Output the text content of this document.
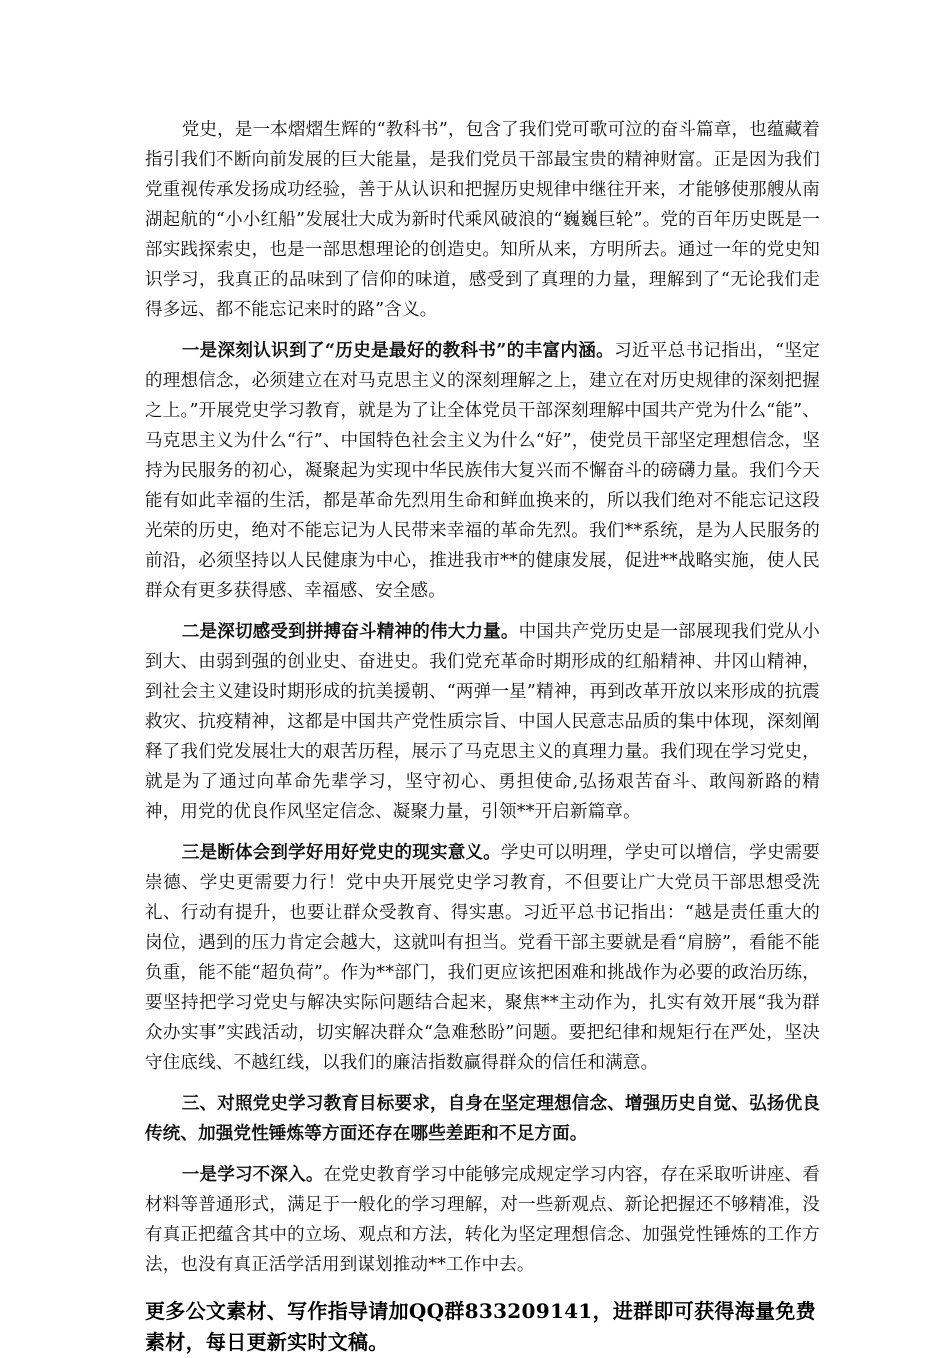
党史，是一本熠熠生辉的“教科书”，包含了我们党可歌可泣的奋斗篇章，也蕴藏着指引我们不断向前发展的巨大能量，是我们党员干部最宝贵的精神财富。正是因为我们党重视传承发扬成功经验，善于从认识和把握历史规律中继往开来，才能够使那艘从南湖起航的“小小红船”发展壮大成为新时代乘风破浪的“巍巍巨轮”。党的百年历史既是一部实践探索史，也是一部思想理论的创造史。知所从来，方明所去。通过一年的党史知识学习，我真正的品味到了信仰的味道，感受到了真理的力量，理解到了“无论我们走得多远、都不能忘记来时的路”含义。

一是深刻认识到了“历史是最好的教科书”的丰富内涵。习近平总书记指出，“坚定的理想信念，必须建立在对马克思主义的深刻理解之上，建立在对历史规律的深刻把握之上。”开展党史学习教育，就是为了让全体党员干部深刻理解中国共产党为什么“能”、马克思主义为什么“行”、中国特色社会主义为什么“好”，使党员干部坚定理想信念，坚持为民服务的初心，凝聚起为实现中华民族伟大复兴而不懈奋斗的磅礴力量。我们今天能有如此幸福的生活，都是革命先烈用生命和鲜血换来的，所以我们绝对不能忘记这段光荣的历史，绝对不能忘记为人民带来幸福的革命先烈。我们**系统，是为人民服务的前沿，必须坚持以人民健康为中心，推进我市**的健康发展，促进**战略实施，使人民群众有更多获得感、幸福感、安全感。

二是深切感受到拼搏奋斗精神的伟大力量。中国共产党历史是一部展现我们党从小到大、由弱到强的创业史、奋进史。我们党充革命时期形成的红船精神、井冈山精神，到社会主义建设时期形成的抗美援朝、“两弹一星”精神，再到改革开放以来形成的抗震救灾、抗疫精神，这都是中国共产党性质宗旨、中国人民意志品质的集中体现，深刻阐释了我们党发展壮大的艰苦历程，展示了马克思主义的真理力量。我们现在学习党史，就是为了通过向革命先辈学习，坚守初心、勇担使命,弘扬艰苦奋斗、敢闯新路的精神，用党的优良作风坚定信念、凝聚力量，引领**开启新篇章。

三是断体会到学好用好党史的现实意义。学史可以明理，学史可以增信，学史需要崇德、学史更需要力行！党中央开展党史学习教育，不但要让广大党员干部思想受洗礼、行动有提升，也要让群众受教育、得实惠。习近平总书记指出：“越是责任重大的岗位，遇到的压力肯定会越大，这就叫有担当。党看干部主要就是看“肩膀”，看能不能负重，能不能“超负荷”。作为**部门，我们更应该把困难和挑战作为必要的政治历练，要坚持把学习党史与解决实际问题结合起来，聚焦**主动作为，扎实有效开展“我为群众办实事”实践活动，切实解决群众“急难愁盼”问题。要把纪律和规矩行在严处，坚决守住底线、不越红线，以我们的廉洁指数赢得群众的信任和满意。

三、对照党史学习教育目标要求，自身在坚定理想信念、增强历史自觉、弘扬优良传统、加强党性锤炼等方面还存在哪些差距和不足方面。

一是学习不深入。在党史教育学习中能够完成规定学习内容，存在采取听讲座、看材料等普通形式，满足于一般化的学习理解，对一些新观点、新论把握还不够精准，没有真正把蕴含其中的立场、观点和方法，转化为坚定理想信念、加强党性锤炼的工作方法，也没有真正活学活用到谋划推动**工作中去。

更多公文素材、写作指导请加QQ群833209141，进群即可获得海量免费素材，每日更新实时文稿。
